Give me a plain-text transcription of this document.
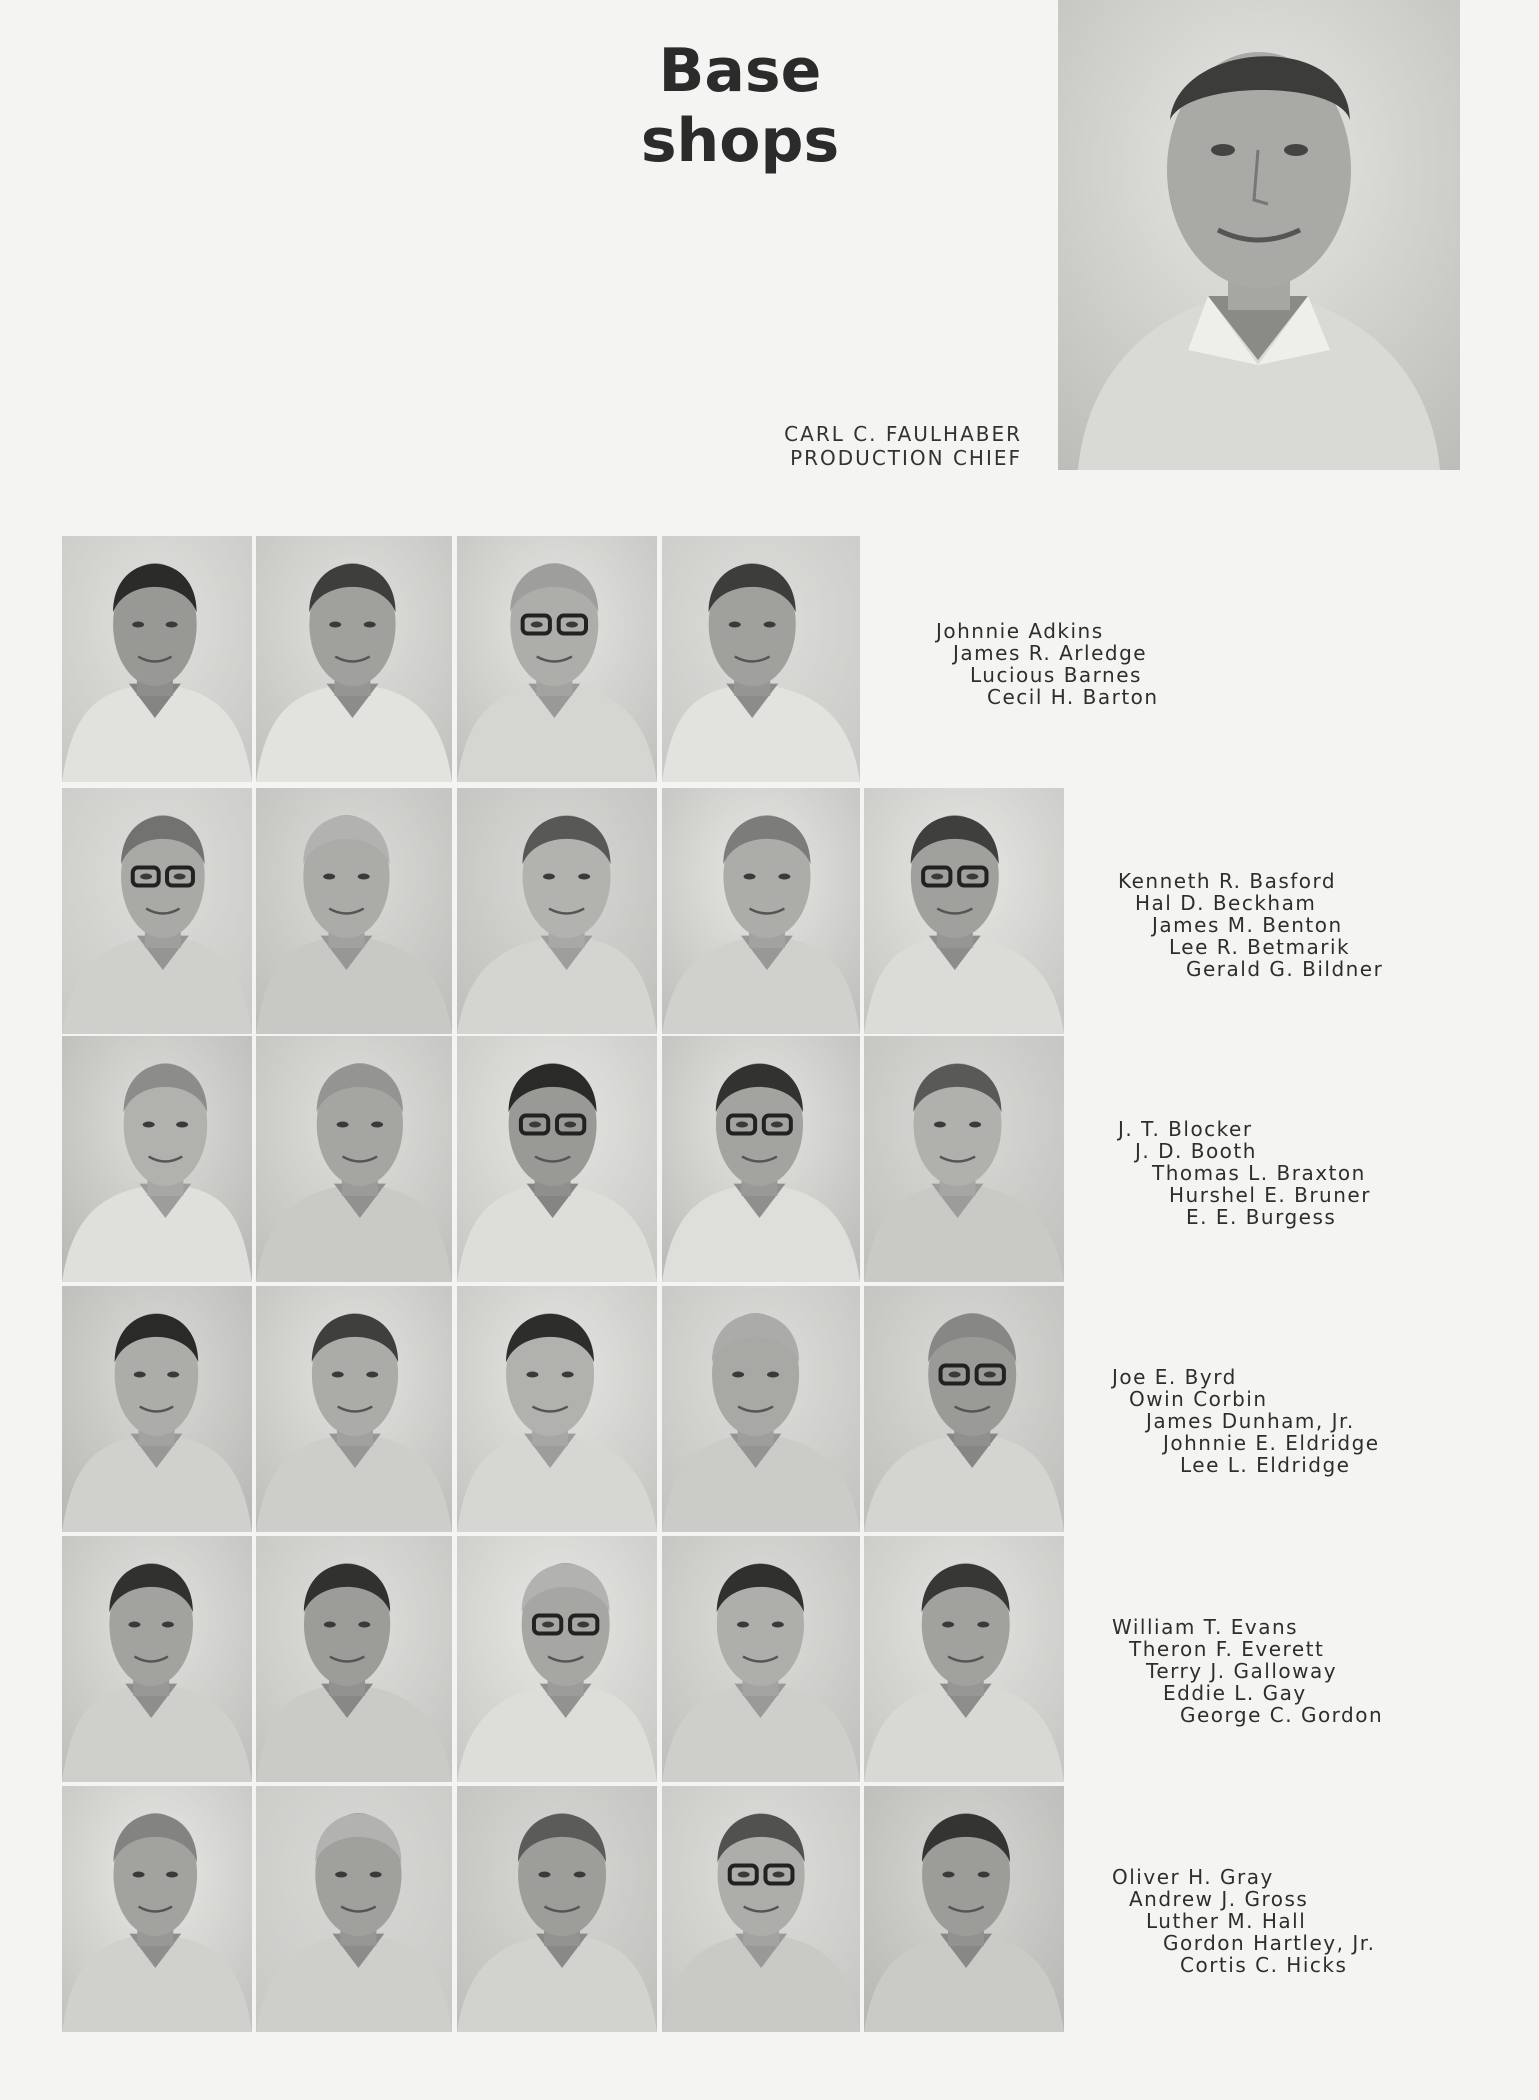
Base shops
CARL C. FAULHABER
PRODUCTION CHIEF
Johnnie Adkins
James R. Arledge
Lucious Barnes
Cecil H. Barton
Kenneth R. Basford
Hal D. Beckham
James M. Benton
Lee R. Betmarik
Gerald G. Bildner
J. T. Blocker
J. D. Booth
Thomas L. Braxton
Hurshel E. Bruner
E. E. Burgess
Joe E. Byrd
Owin Corbin
James Dunham, Jr.
Johnnie E. Eldridge
Lee L. Eldridge
William T. Evans
Theron F. Everett
Terry J. Galloway
Eddie L. Gay
George C. Gordon
Oliver H. Gray
Andrew J. Gross
Luther M. Hall
Gordon Hartley, Jr.
Cortis C. Hicks
